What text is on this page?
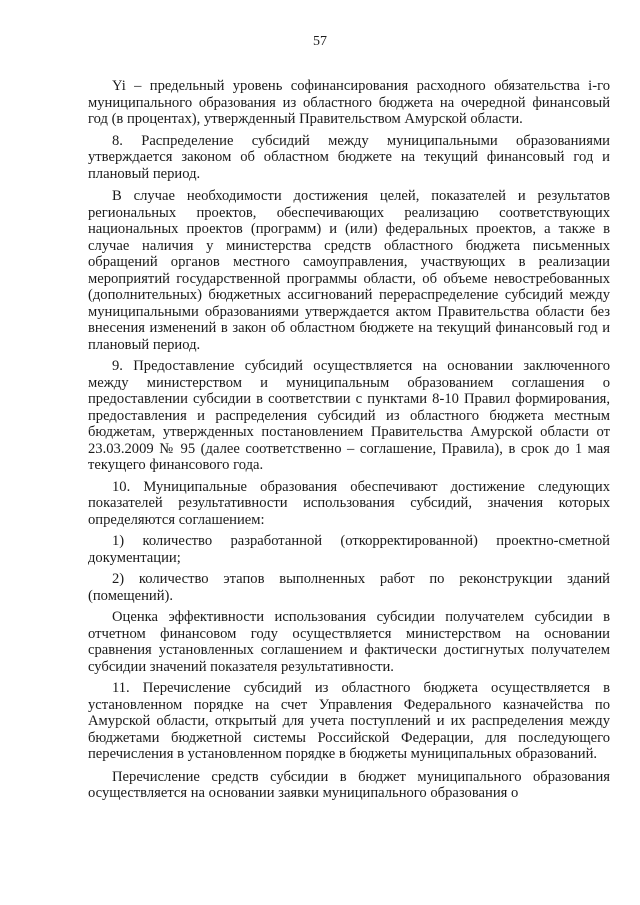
57

Yi – предельный уровень софинансирования расходного обязательства i-го муниципального образования из областного бюджета на очередной финансовый год (в процентах), утвержденный Правительством Амурской области.

8. Распределение субсидий между муниципальными образованиями утверждается законом об областном бюджете на текущий финансовый год и плановый период.

В случае необходимости достижения целей, показателей и результатов региональных проектов, обеспечивающих реализацию соответствующих национальных проектов (программ) и (или) федеральных проектов, а также в случае наличия у министерства средств областного бюджета письменных обращений органов местного самоуправления, участвующих в реализации мероприятий государственной программы области, об объеме невостребованных (дополнительных) бюджетных ассигнований перераспределение субсидий между муниципальными образованиями утверждается актом Правительства области без внесения изменений в закон об областном бюджете на текущий финансовый год и плановый период.

9. Предоставление субсидий осуществляется на основании заключенного между министерством и муниципальным образованием соглашения о предоставлении субсидии в соответствии с пунктами 8-10 Правил формирования, предоставления и распределения субсидий из областного бюджета местным бюджетам, утвержденных постановлением Правительства Амурской области от 23.03.2009 № 95 (далее соответственно – соглашение, Правила), в срок до 1 мая текущего финансового года.

10. Муниципальные образования обеспечивают достижение следующих показателей результативности использования субсидий, значения которых определяются соглашением:

1) количество разработанной (откорректированной) проектно-сметной документации;

2) количество этапов выполненных работ по реконструкции зданий (помещений).

Оценка эффективности использования субсидии получателем субсидии в отчетном финансовом году осуществляется министерством на основании сравнения установленных соглашением и фактически достигнутых получателем субсидии значений показателя результативности.

11. Перечисление субсидий из областного бюджета осуществляется в установленном порядке на счет Управления Федерального казначейства по Амурской области, открытый для учета поступлений и их распределения между бюджетами бюджетной системы Российской Федерации, для последующего перечисления в установленном порядке в бюджеты муниципальных образований.

Перечисление средств субсидии в бюджет муниципального образования осуществляется на основании заявки муниципального образования о
